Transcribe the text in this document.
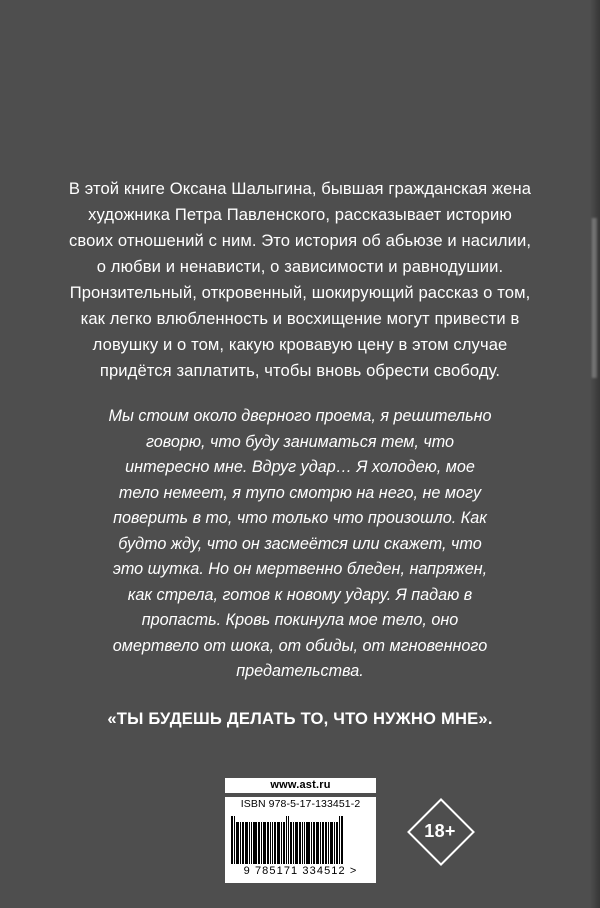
В этой книге Оксана Шалыгина, бывшая гражданская жена художника Петра Павленского, рассказывает историю своих отношений с ним. Это история об абьюзе и насилии, о любви и ненависти, о зависимости и равнодушии. Пронзительный, откровенный, шокирующий рассказ о том, как легко влюбленность и восхищение могут привести в ловушку и о том, какую кровавую цену в этом случае придётся заплатить, чтобы вновь обрести свободу.

Мы стоим около дверного проема, я решительно говорю, что буду заниматься тем, что интересно мне. Вдруг удар… Я холодею, мое тело немеет, я тупо смотрю на него, не могу поверить в то, что только что произошло. Как будто жду, что он засмеётся или скажет, что это шутка. Но он мертвенно бледен, напряжен, как стрела, готов к новому удару. Я падаю в пропасть. Кровь покинула мое тело, оно омертвело от шока, от обиды, от мгновенного предательства.

«ТЫ БУДЕШЬ ДЕЛАТЬ ТО, ЧТО НУЖНО МНЕ».

www.ast.ru
ISBN 978-5-17-133451-2
9 785171 334512 >
18+
